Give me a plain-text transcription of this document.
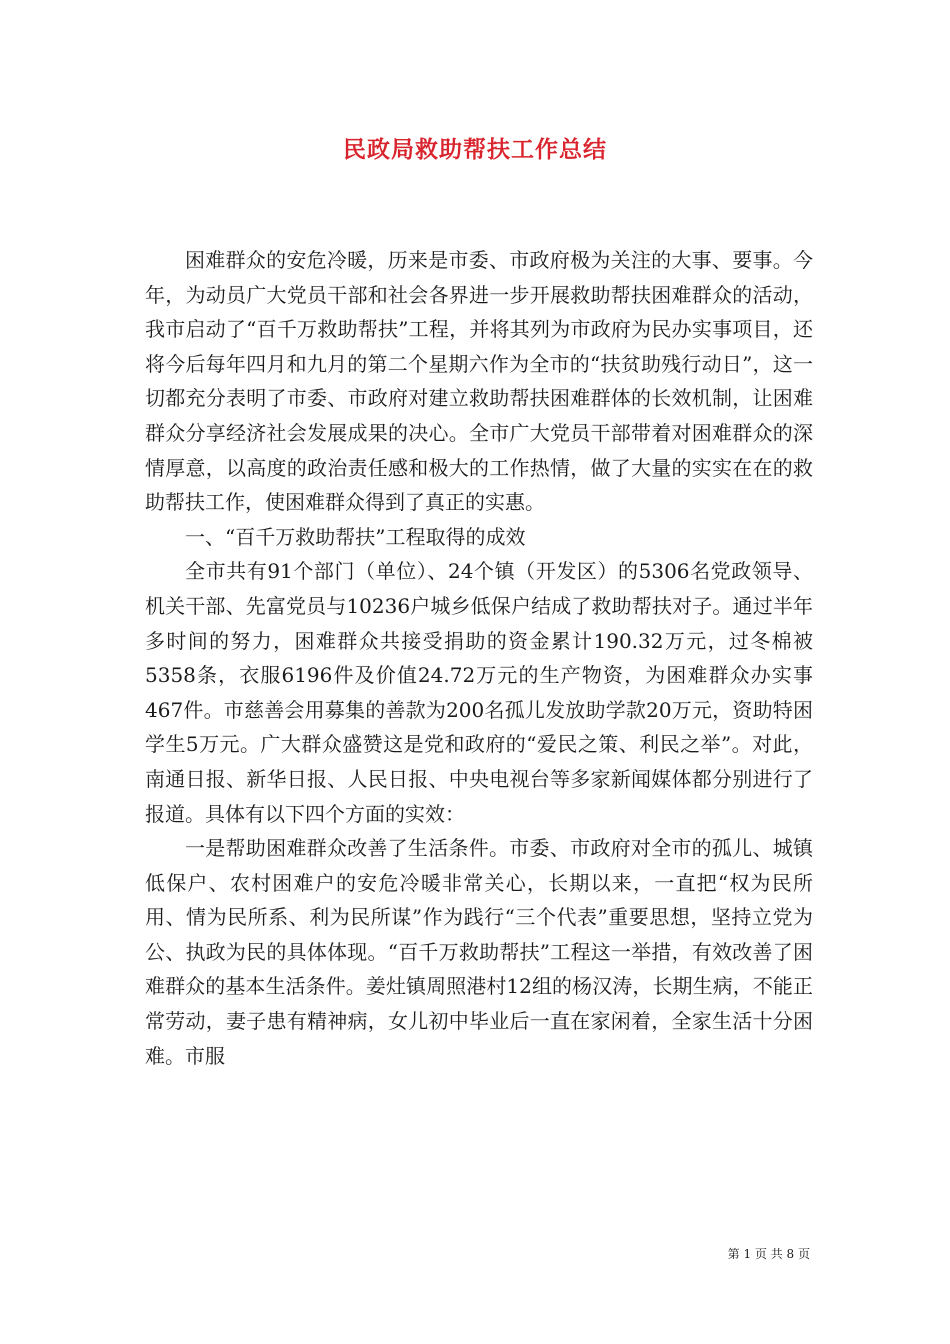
民政局救助帮扶工作总结

困难群众的安危冷暖，历来是市委、市政府极为关注的大事、要事。今年，为动员广大党员干部和社会各界进一步开展救助帮扶困难群众的活动，我市启动了“百千万救助帮扶”工程，并将其列为市政府为民办实事项目，还将今后每年四月和九月的第二个星期六作为全市的“扶贫助残行动日”，这一切都充分表明了市委、市政府对建立救助帮扶困难群体的长效机制，让困难群众分享经济社会发展成果的决心。全市广大党员干部带着对困难群众的深情厚意，以高度的政治责任感和极大的工作热情，做了大量的实实在在的救助帮扶工作，使困难群众得到了真正的实惠。

一、“百千万救助帮扶”工程取得的成效

全市共有91个部门（单位）、24个镇（开发区）的5306名党政领导、机关干部、先富党员与10236户城乡低保户结成了救助帮扶对子。通过半年多时间的努力，困难群众共接受捐助的资金累计190.32万元，过冬棉被5358条，衣服6196件及价值24.72万元的生产物资，为困难群众办实事467件。市慈善会用募集的善款为200名孤儿发放助学款20万元，资助特困学生5万元。广大群众盛赞这是党和政府的“爱民之策、利民之举”。对此，南通日报、新华日报、人民日报、中央电视台等多家新闻媒体都分别进行了报道。具体有以下四个方面的实效：

一是帮助困难群众改善了生活条件。市委、市政府对全市的孤儿、城镇低保户、农村困难户的安危冷暖非常关心，长期以来，一直把“权为民所用、情为民所系、利为民所谋”作为践行“三个代表”重要思想，坚持立党为公、执政为民的具体体现。“百千万救助帮扶”工程这一举措，有效改善了困难群众的基本生活条件。姜灶镇周照港村12组的杨汉涛，长期生病，不能正常劳动，妻子患有精神病，女儿初中毕业后一直在家闲着，全家生活十分困难。市服

第 1 页 共 8 页
